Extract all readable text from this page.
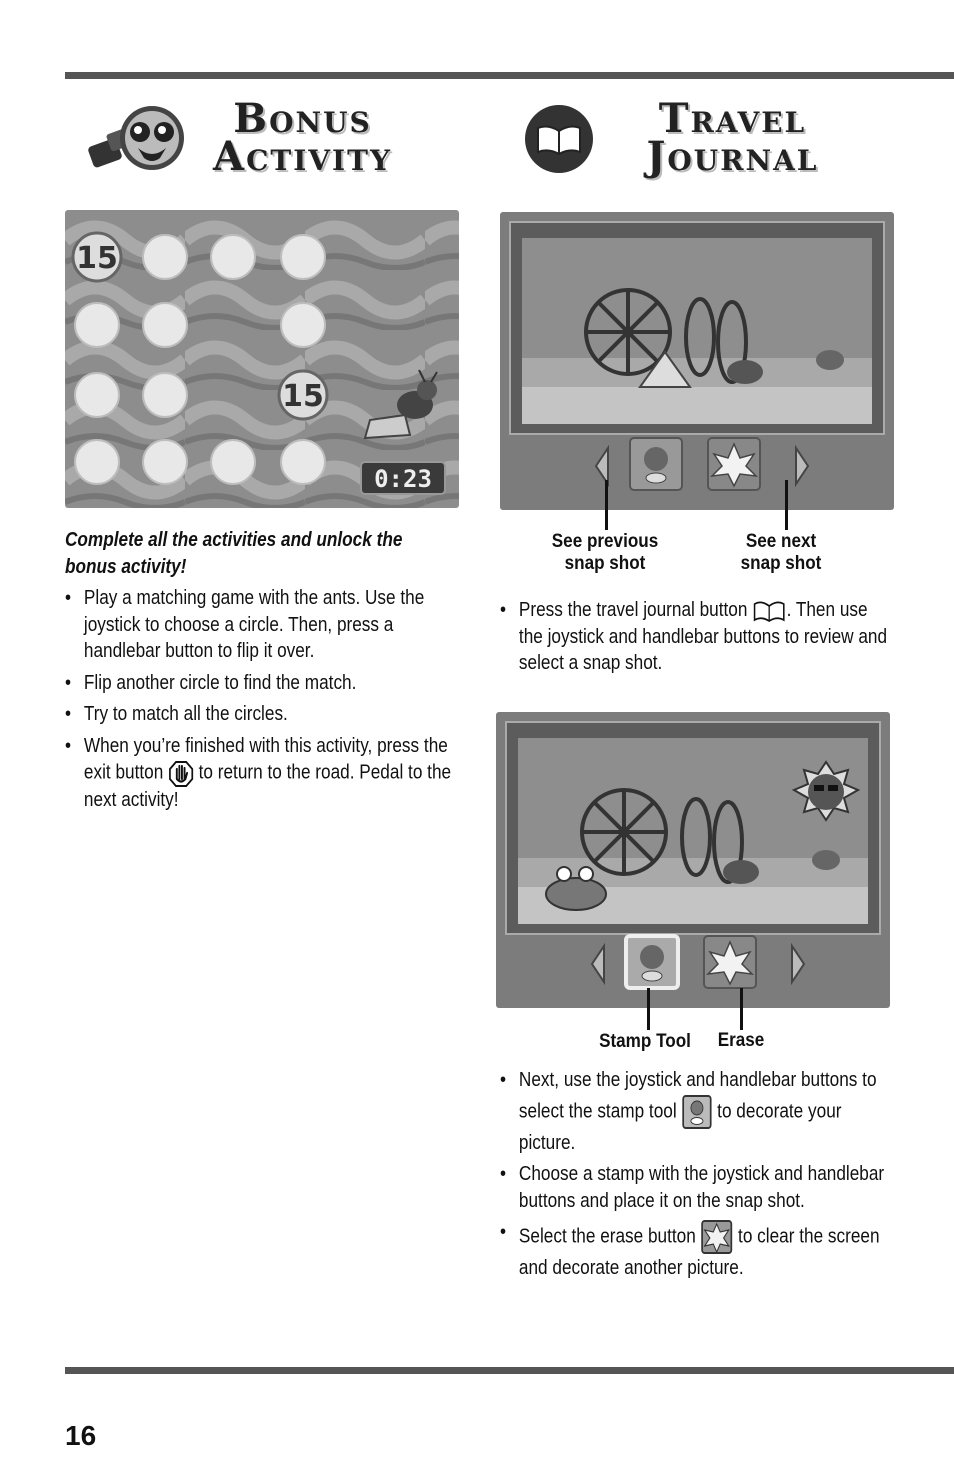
Bonus
Activity
Travel
Journal
15
15
0:23
Complete all the activities and unlock the bonus activity!
• Play a matching game with the ants. Use the joystick to choose a circle. Then, press a handlebar button to flip it over.
• Flip another circle to find the match.
• Try to match all the circles.
• When you’re finished with this activity, press the exit button  to return to the road. Pedal to the next activity!
See previous snap shot
See next snap shot
• Press the travel journal button . Then use the joystick and handlebar buttons to review and select a snap shot.
Stamp Tool	Erase
• Next, use the joystick and handlebar buttons to select the stamp tool  to decorate your picture.
• Choose a stamp with the joystick and handlebar buttons and place it on the snap shot.
• Select the erase button  to clear the screen and decorate another picture.
16
